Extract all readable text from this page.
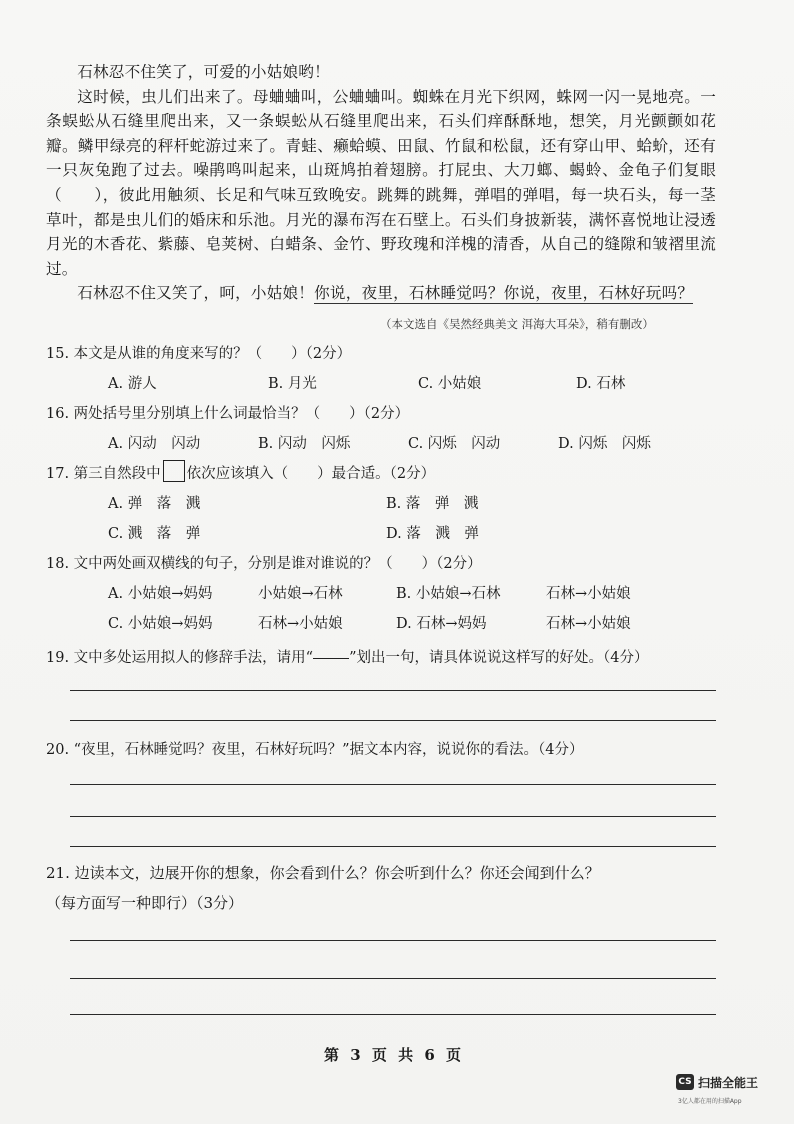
石林忍不住笑了，可爱的小姑娘哟！

这时候，虫儿们出来了。母蛐蛐叫，公蛐蛐叫。蜘蛛在月光下织网，蛛网一闪一晃地亮。一条蜈蚣从石缝里爬出来，又一条蜈蚣从石缝里爬出来，石头们痒酥酥地，想笑，月光颤颤如花瓣。鳞甲绿亮的秤杆蛇游过来了。青蛙、癞蛤蟆、田鼠、竹鼠和松鼠，还有穿山甲、蛤蚧，还有一只灰兔跑了过去。噪鹃鸣叫起来，山斑鸠拍着翅膀。打屁虫、大刀螂、蝎蛉、金龟子们复眼（　　），彼此用触须、长足和气味互致晚安。跳舞的跳舞，弹唱的弹唱，每一块石头，每一茎草叶，都是虫儿们的婚床和乐池。月光的瀑布泻在石壁上。石头们身披新装，满怀喜悦地让浸透月光的木香花、紫藤、皂荚树、白蜡条、金竹、野玫瑰和洋槐的清香，从自己的缝隙和皱褶里流过。

石林忍不住又笑了，呵，小姑娘！你说，夜里，石林睡觉吗？你说，夜里，石林好玩吗？

（本文选自《吴然经典美文 洱海大耳朵》，稍有删改）
15. 本文是从谁的角度来写的？（　　）（2分）
A. 游人	B. 月光	C. 小姑娘	D. 石林
16. 两处括号里分别填上什么词最恰当？（　　）（2分）
A. 闪动　闪动	B. 闪动　闪烁	C. 闪烁　闪动	D. 闪烁　闪烁
17. 第三自然段中 依次应该填入（　　）最合适。（2分）
A. 弹　落　溅	B. 落　弹　溅
C. 溅　落　弹	D. 落　溅　弹
18. 文中两处画双横线的句子，分别是谁对谁说的？（　　）（2分）
A. 小姑娘→妈妈	小姑娘→石林	B. 小姑娘→石林	石林→小姑娘
C. 小姑娘→妈妈	石林→小姑娘	D. 石林→妈妈	石林→小姑娘
19. 文中多处运用拟人的修辞手法，请用“ ”划出一句，请具体说说这样写的好处。（4分）
20. “夜里，石林睡觉吗？夜里，石林好玩吗？”据文本内容，说说你的看法。（4分）
21. 边读本文，边展开你的想象，你会看到什么？你会听到什么？你还会闻到什么？
（每方面写一种即行）（3分）
第 3 页 共 6 页
CS 扫描全能王
3亿人都在用的扫描App
